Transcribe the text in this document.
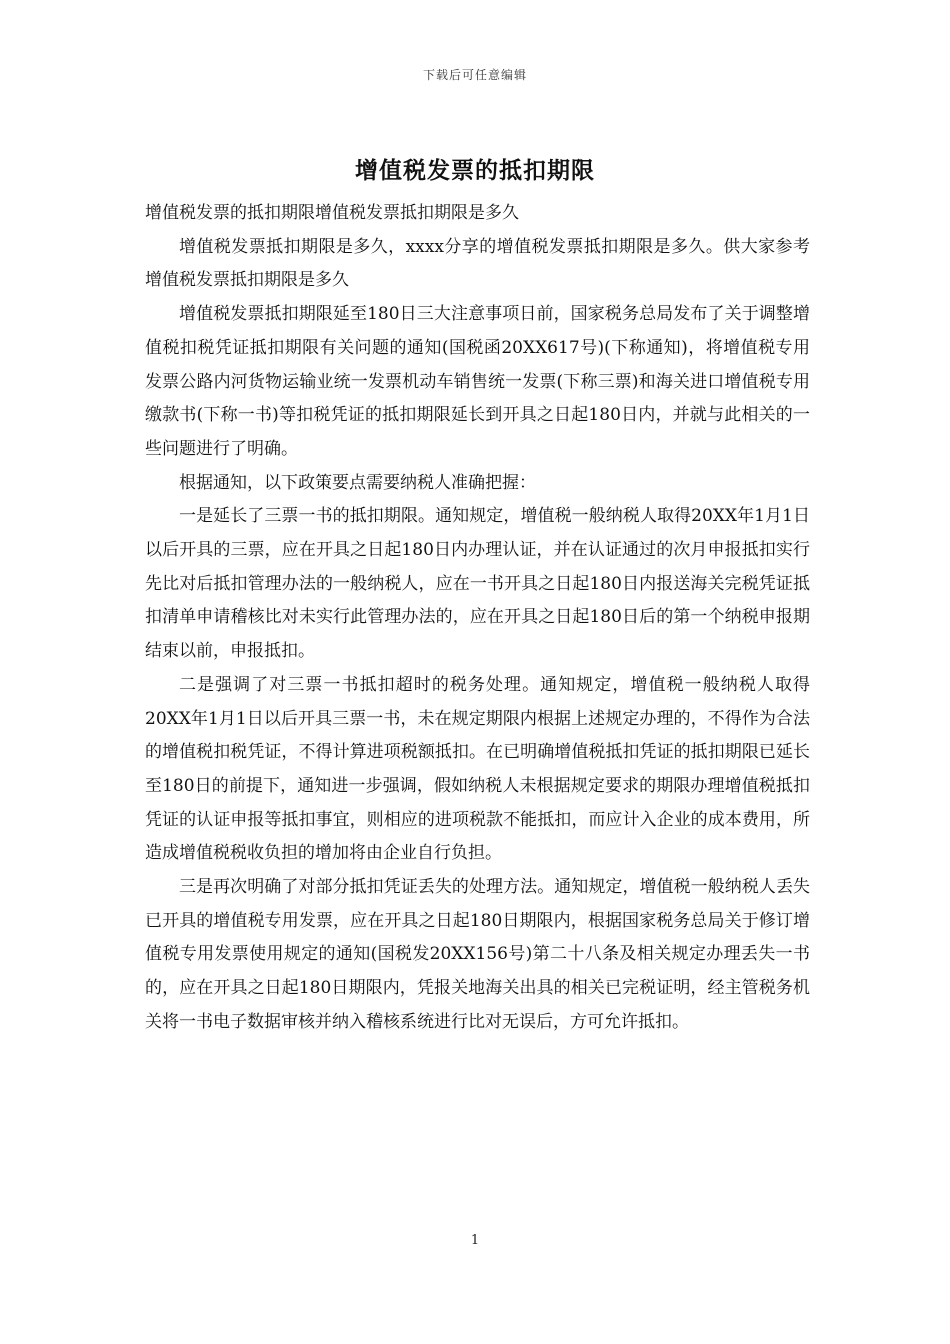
下载后可任意编辑
增值税发票的抵扣期限

增值税发票的抵扣期限增值税发票抵扣期限是多久

增值税发票抵扣期限是多久，xxxx分享的增值税发票抵扣期限是多久。供大家参考增值税发票抵扣期限是多久

增值税发票抵扣期限延至180日三大注意事项日前，国家税务总局发布了关于调整增值税扣税凭证抵扣期限有关问题的通知(国税函20XX617号)(下称通知)，将增值税专用发票公路内河货物运输业统一发票机动车销售统一发票(下称三票)和海关进口增值税专用缴款书(下称一书)等扣税凭证的抵扣期限延长到开具之日起180日内，并就与此相关的一些问题进行了明确。

根据通知，以下政策要点需要纳税人准确把握：

一是延长了三票一书的抵扣期限。通知规定，增值税一般纳税人取得20XX年1月1日以后开具的三票，应在开具之日起180日内办理认证，并在认证通过的次月申报抵扣实行先比对后抵扣管理办法的一般纳税人，应在一书开具之日起180日内报送海关完税凭证抵扣清单申请稽核比对未实行此管理办法的，应在开具之日起180日后的第一个纳税申报期结束以前，申报抵扣。

二是强调了对三票一书抵扣超时的税务处理。通知规定，增值税一般纳税人取得20XX年1月1日以后开具三票一书，未在规定期限内根据上述规定办理的，不得作为合法的增值税扣税凭证，不得计算进项税额抵扣。在已明确增值税抵扣凭证的抵扣期限已延长至180日的前提下，通知进一步强调，假如纳税人未根据规定要求的期限办理增值税抵扣凭证的认证申报等抵扣事宜，则相应的进项税款不能抵扣，而应计入企业的成本费用，所造成增值税税收负担的增加将由企业自行负担。

三是再次明确了对部分抵扣凭证丢失的处理方法。通知规定，增值税一般纳税人丢失已开具的增值税专用发票，应在开具之日起180日期限内，根据国家税务总局关于修订增值税专用发票使用规定的通知(国税发20XX156号)第二十八条及相关规定办理丢失一书的，应在开具之日起180日期限内，凭报关地海关出具的相关已完税证明，经主管税务机关将一书电子数据审核并纳入稽核系统进行比对无误后，方可允许抵扣。

1
